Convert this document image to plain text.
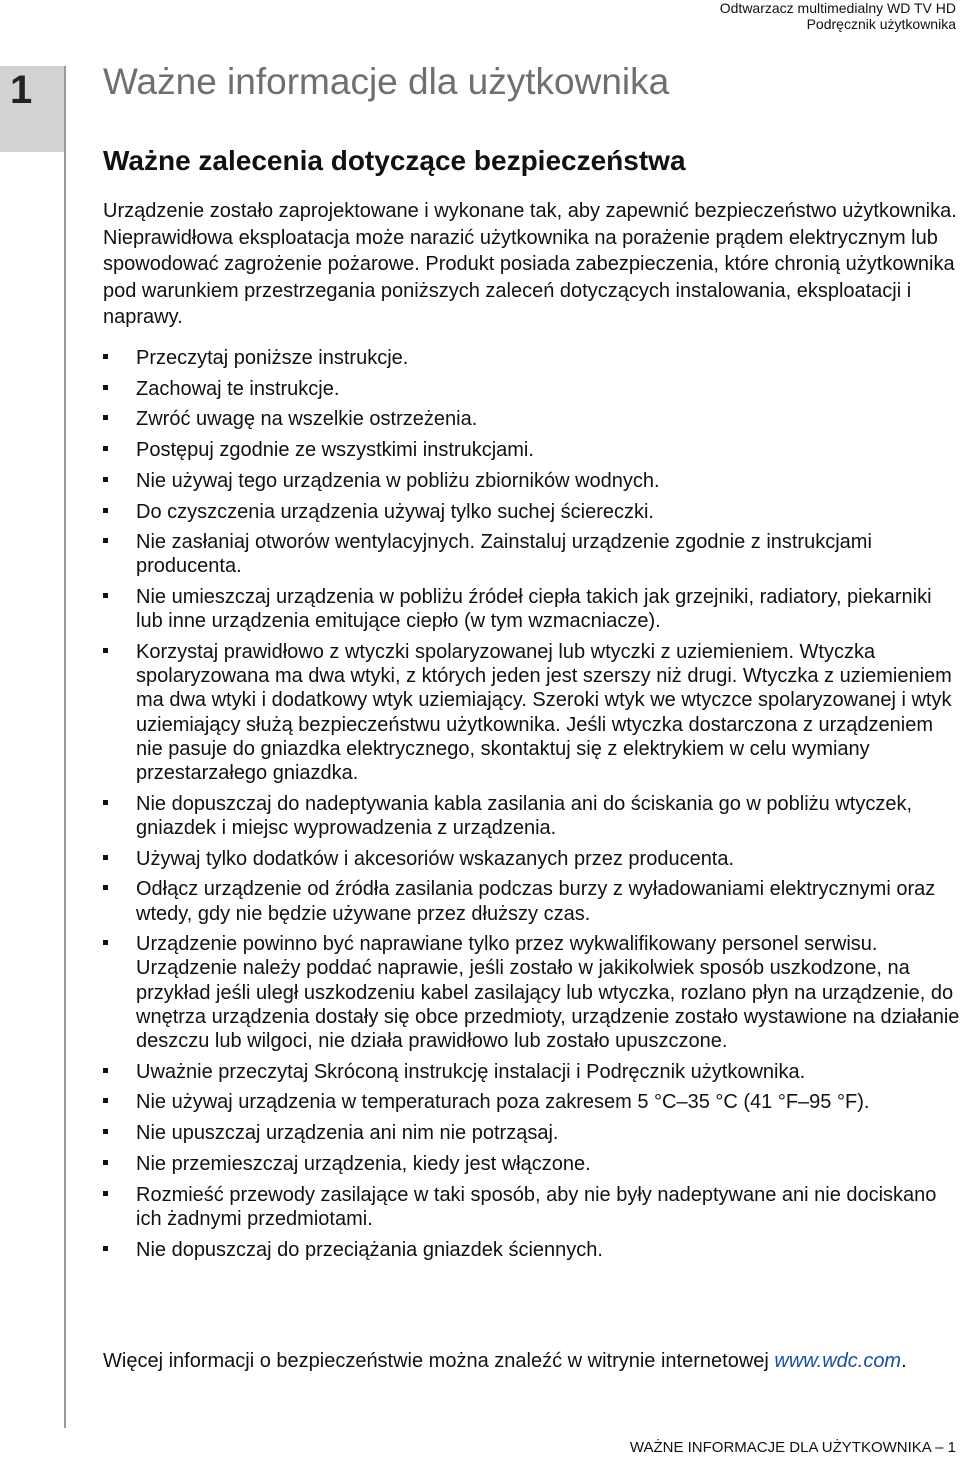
Odtwarzacz multimedialny WD TV HD
Podręcznik użytkownika
1 Ważne informacje dla użytkownika
Ważne zalecenia dotyczące bezpieczeństwa

Urządzenie zostało zaprojektowane i wykonane tak, aby zapewnić bezpieczeństwo użytkownika. Nieprawidłowa eksploatacja może narazić użytkownika na porażenie prądem elektrycznym lub spowodować zagrożenie pożarowe. Produkt posiada zabezpieczenia, które chronią użytkownika pod warunkiem przestrzegania poniższych zaleceń dotyczących instalowania, eksploatacji i naprawy.

Przeczytaj poniższe instrukcje.
Zachowaj te instrukcje.
Zwróć uwagę na wszelkie ostrzeżenia.
Postępuj zgodnie ze wszystkimi instrukcjami.
Nie używaj tego urządzenia w pobliżu zbiorników wodnych.
Do czyszczenia urządzenia używaj tylko suchej ściereczki.
Nie zasłaniaj otworów wentylacyjnych. Zainstaluj urządzenie zgodnie z instrukcjami producenta.
Nie umieszczaj urządzenia w pobliżu źródeł ciepła takich jak grzejniki, radiatory, piekarniki lub inne urządzenia emitujące ciepło (w tym wzmacniacze).
Korzystaj prawidłowo z wtyczki spolaryzowanej lub wtyczki z uziemieniem. Wtyczka spolaryzowana ma dwa wtyki, z których jeden jest szerszy niż drugi. Wtyczka z uziemieniem ma dwa wtyki i dodatkowy wtyk uziemiający. Szeroki wtyk we wtyczce spolaryzowanej i wtyk uziemiający służą bezpieczeństwu użytkownika. Jeśli wtyczka dostarczona z urządzeniem nie pasuje do gniazdka elektrycznego, skontaktuj się z elektrykiem w celu wymiany przestarzałego gniazdka.
Nie dopuszczaj do nadeptywania kabla zasilania ani do ściskania go w pobliżu wtyczek, gniazdek i miejsc wyprowadzenia z urządzenia.
Używaj tylko dodatków i akcesoriów wskazanych przez producenta.
Odłącz urządzenie od źródła zasilania podczas burzy z wyładowaniami elektrycznymi oraz wtedy, gdy nie będzie używane przez dłuższy czas.
Urządzenie powinno być naprawiane tylko przez wykwalifikowany personel serwisu. Urządzenie należy poddać naprawie, jeśli zostało w jakikolwiek sposób uszkodzone, na przykład jeśli uległ uszkodzeniu kabel zasilający lub wtyczka, rozlano płyn na urządzenie, do wnętrza urządzenia dostały się obce przedmioty, urządzenie zostało wystawione na działanie deszczu lub wilgoci, nie działa prawidłowo lub zostało upuszczone.
Uważnie przeczytaj Skróconą instrukcję instalacji i Podręcznik użytkownika.
Nie używaj urządzenia w temperaturach poza zakresem 5 °C–35 °C (41 °F–95 °F).
Nie upuszczaj urządzenia ani nim nie potrząsaj.
Nie przemieszczaj urządzenia, kiedy jest włączone.
Rozmieść przewody zasilające w taki sposób, aby nie były nadeptywane ani nie dociskano ich żadnymi przedmiotami.
Nie dopuszczaj do przeciążania gniazdek ściennych.

Więcej informacji o bezpieczeństwie można znaleźć w witrynie internetowej www.wdc.com.

WAŻNE INFORMACJE DLA UŻYTKOWNIKA – 1
